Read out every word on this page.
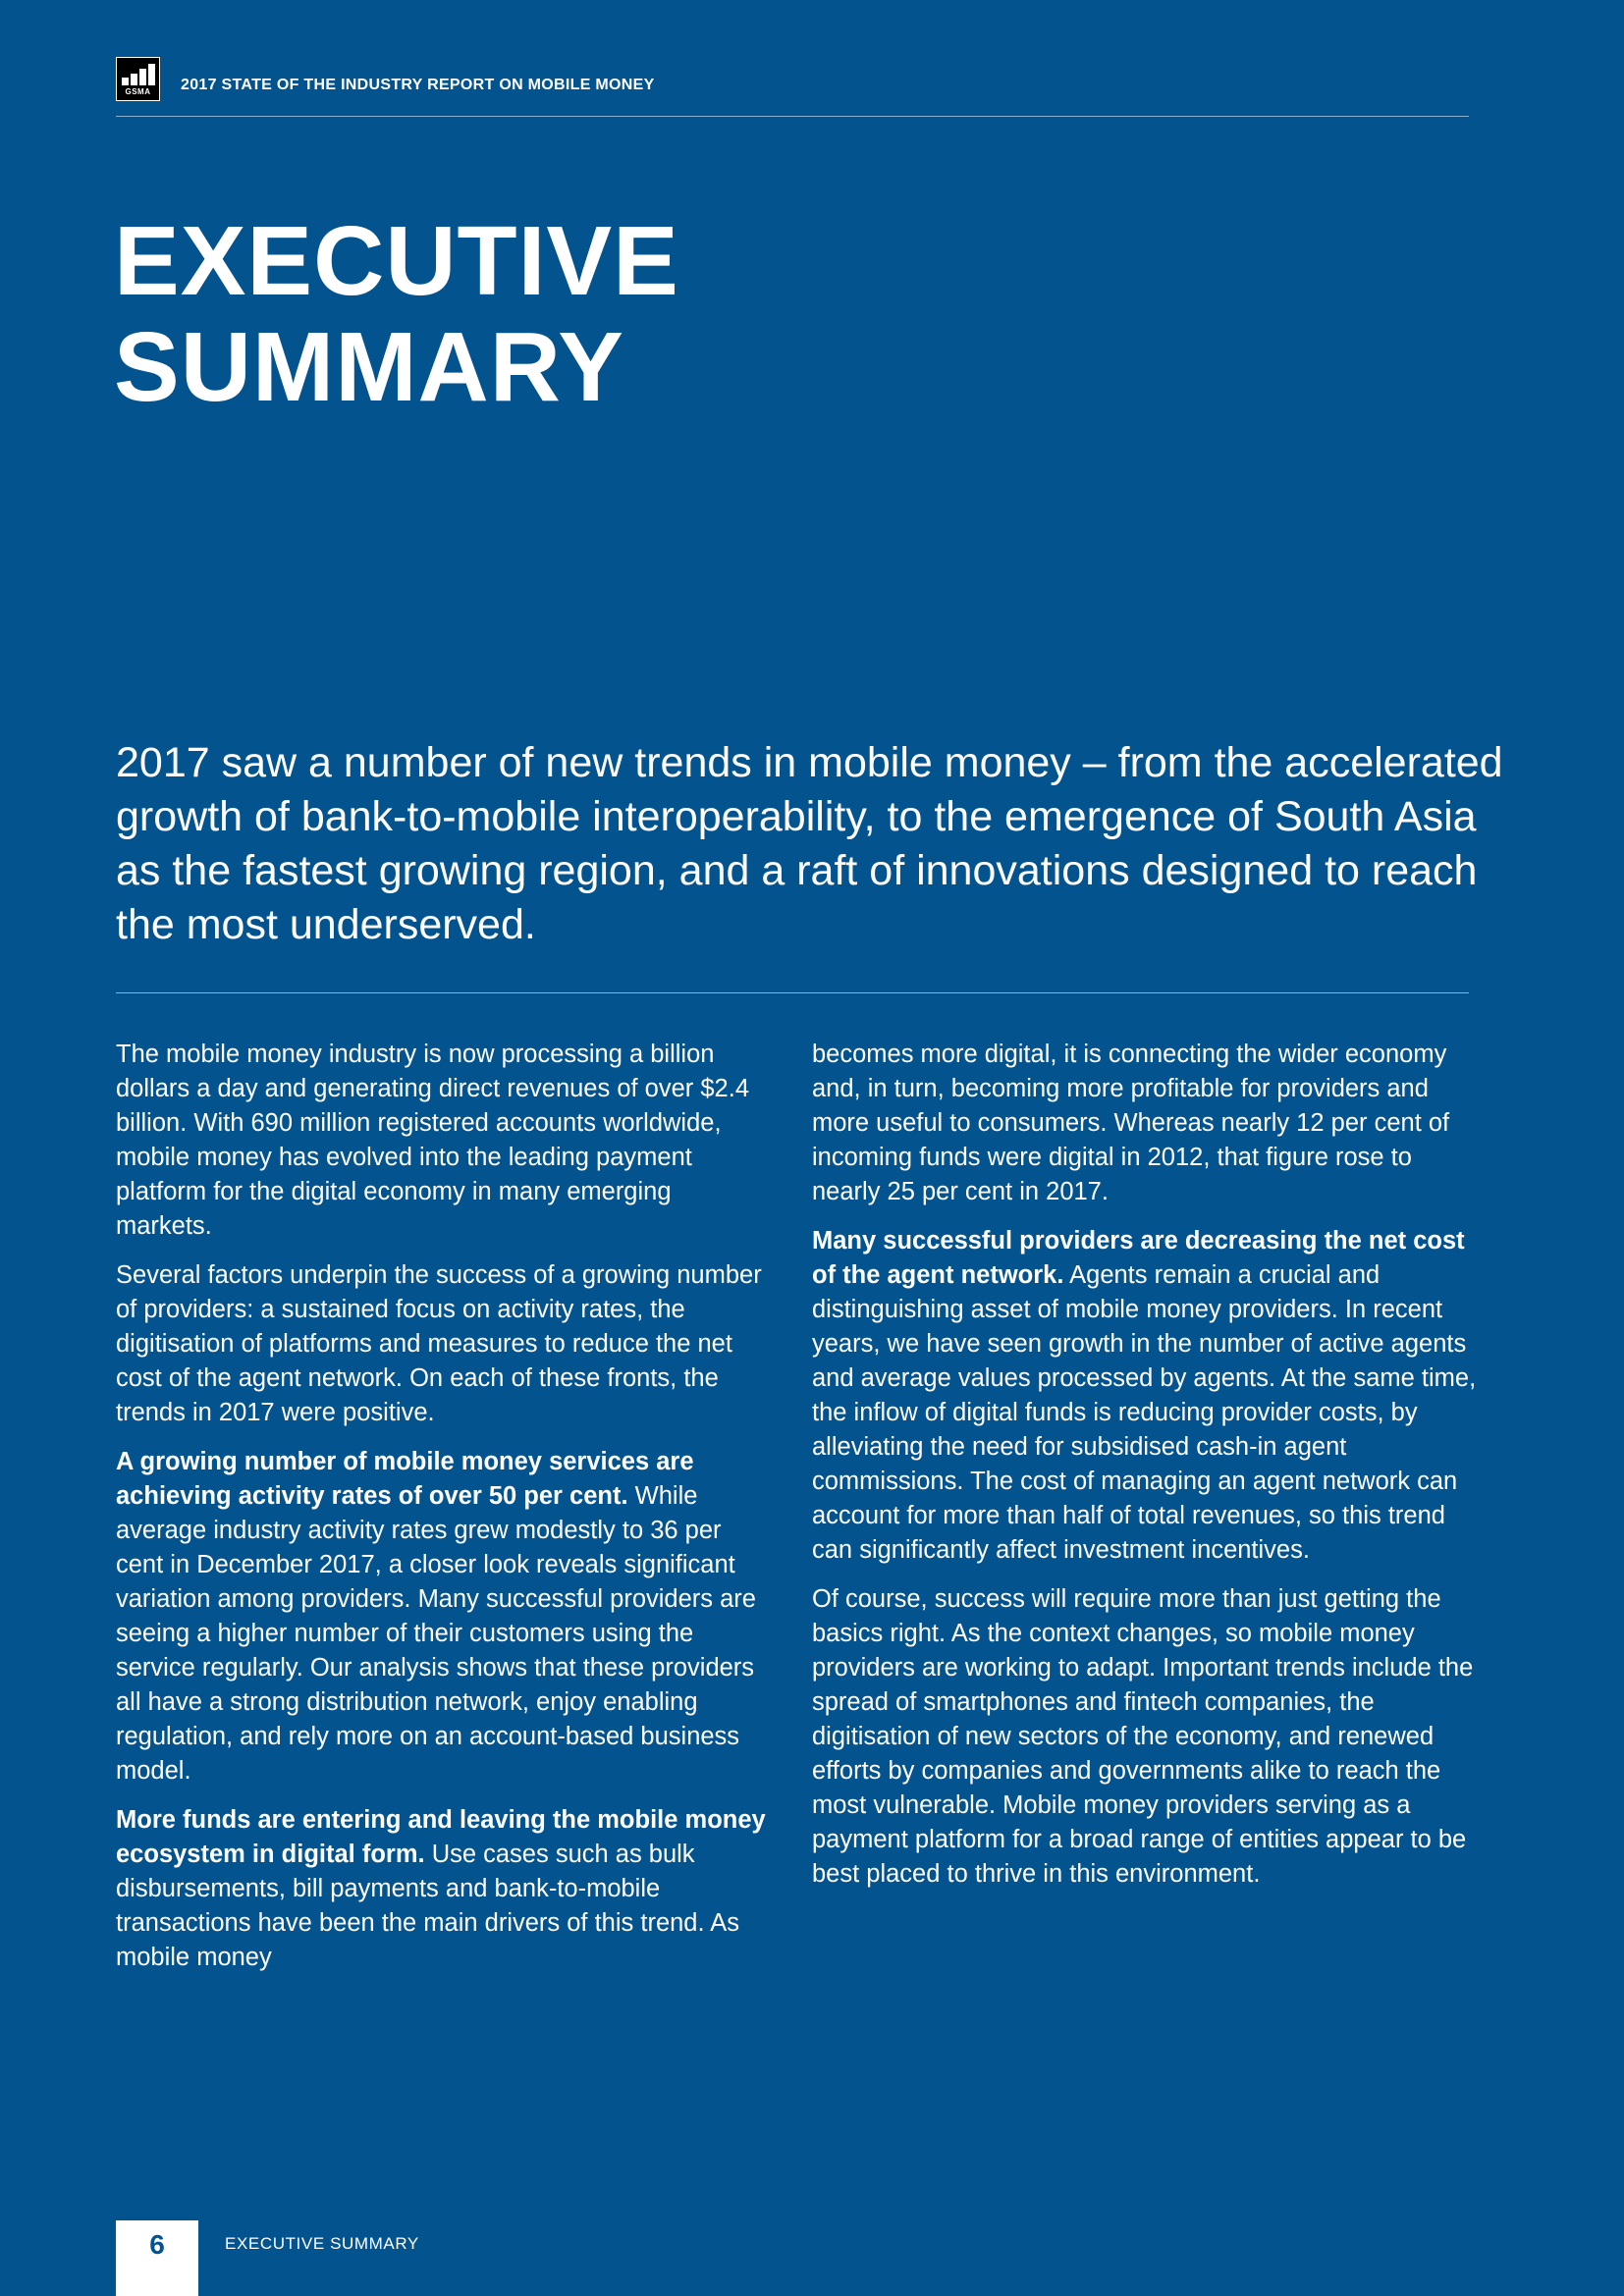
GSMA	2017 STATE OF THE INDUSTRY REPORT ON MOBILE MONEY
EXECUTIVE
SUMMARY

2017 saw a number of new trends in mobile money – from the accelerated growth of bank-to-mobile interoperability, to the emergence of South Asia as the fastest growing region, and a raft of innovations designed to reach the most underserved.

The mobile money industry is now processing a billion dollars a day and generating direct revenues of over $2.4 billion. With 690 million registered accounts worldwide, mobile money has evolved into the leading payment platform for the digital economy in many emerging markets.

Several factors underpin the success of a growing number of providers: a sustained focus on activity rates, the digitisation of platforms and measures to reduce the net cost of the agent network. On each of these fronts, the trends in 2017 were positive.

A growing number of mobile money services are achieving activity rates of over 50 per cent. While average industry activity rates grew modestly to 36 per cent in December 2017, a closer look reveals significant variation among providers. Many successful providers are seeing a higher number of their customers using the service regularly. Our analysis shows that these providers all have a strong distribution network, enjoy enabling regulation, and rely more on an account-based business model.

More funds are entering and leaving the mobile money ecosystem in digital form. Use cases such as bulk disbursements, bill payments and bank-to-mobile transactions have been the main drivers of this trend. As mobile money

becomes more digital, it is connecting the wider economy and, in turn, becoming more profitable for providers and more useful to consumers. Whereas nearly 12 per cent of incoming funds were digital in 2012, that figure rose to nearly 25 per cent in 2017.

Many successful providers are decreasing the net cost of the agent network. Agents remain a crucial and distinguishing asset of mobile money providers. In recent years, we have seen growth in the number of active agents and average values processed by agents. At the same time, the inflow of digital funds is reducing provider costs, by alleviating the need for subsidised cash-in agent commissions. The cost of managing an agent network can account for more than half of total revenues, so this trend can significantly affect investment incentives.

Of course, success will require more than just getting the basics right. As the context changes, so mobile money providers are working to adapt. Important trends include the spread of smartphones and fintech companies, the digitisation of new sectors of the economy, and renewed efforts by companies and governments alike to reach the most vulnerable. Mobile money providers serving as a payment platform for a broad range of entities appear to be best placed to thrive in this environment.

6	EXECUTIVE SUMMARY
